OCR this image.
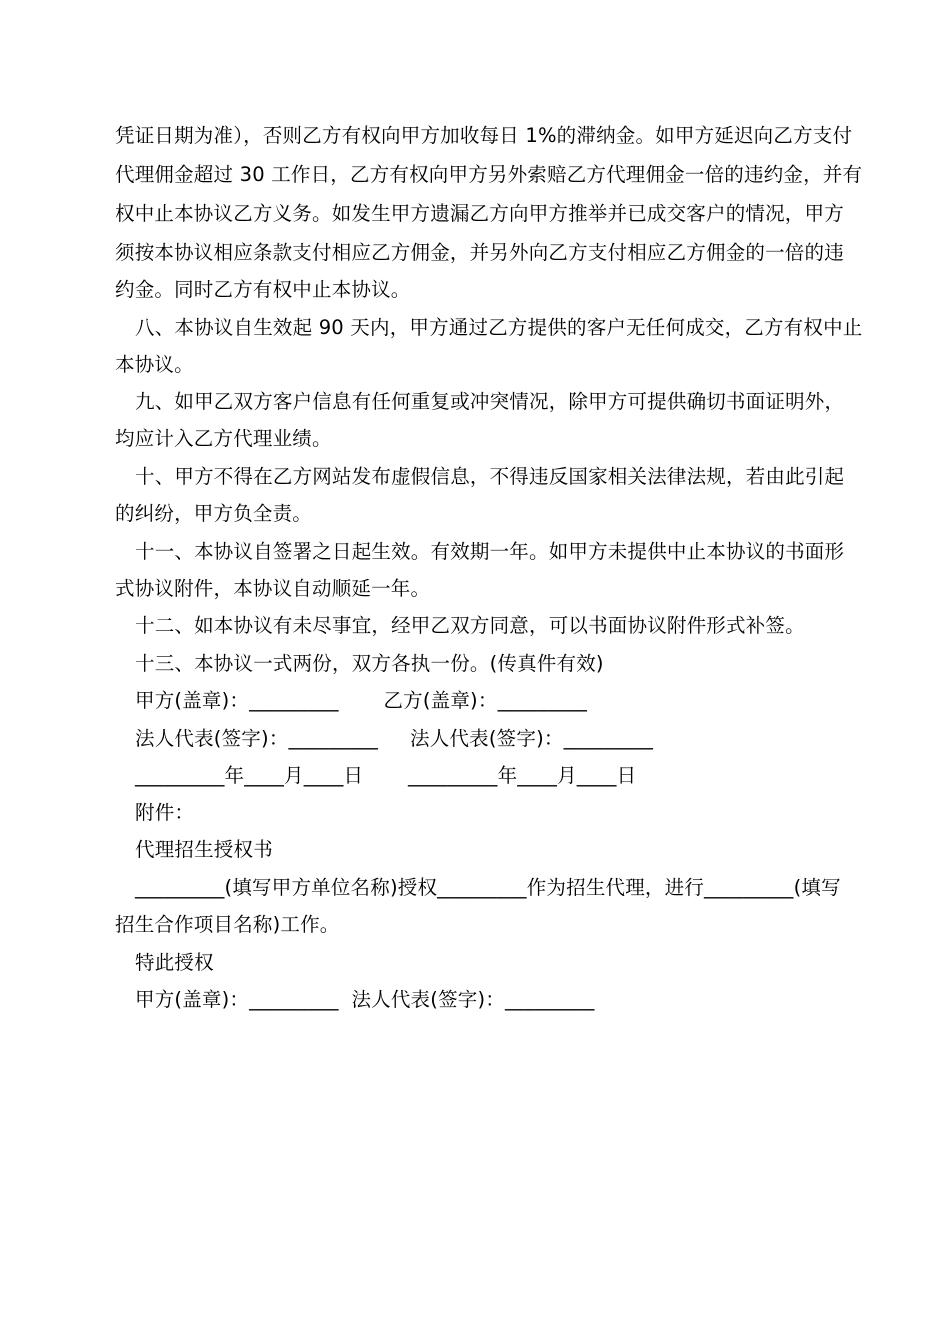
凭证日期为准），否则乙方有权向甲方加收每日 1%的滞纳金。如甲方延迟向乙方支付
代理佣金超过 30 工作日，乙方有权向甲方另外索赔乙方代理佣金一倍的违约金，并有
权中止本协议乙方义务。如发生甲方遗漏乙方向甲方推举并已成交客户的情况，甲方
须按本协议相应条款支付相应乙方佣金，并另外向乙方支付相应乙方佣金的一倍的违
约金。同时乙方有权中止本协议。
八、本协议自生效起 90 天内，甲方通过乙方提供的客户无任何成交，乙方有权中止
本协议。
九、如甲乙双方客户信息有任何重复或冲突情况，除甲方可提供确切书面证明外，
均应计入乙方代理业绩。
十、甲方不得在乙方网站发布虚假信息，不得违反国家相关法律法规，若由此引起
的纠纷，甲方负全责。
十一、本协议自签署之日起生效。有效期一年。如甲方未提供中止本协议的书面形
式协议附件，本协议自动顺延一年。
十二、如本协议有未尽事宜，经甲乙双方同意，可以书面协议附件形式补签。
十三、本协议一式两份，双方各执一份。(传真件有效)
甲方(盖章)：_________       乙方(盖章)：_________
法人代表(签字)：_________     法人代表(签字)：_________
_________年____月____日       _________年____月____日
附件：
代理招生授权书
_________(填写甲方单位名称)授权_________作为招生代理，进行_________(填写
招生合作项目名称)工作。
特此授权
甲方(盖章)：_________  法人代表(签字)：_________
